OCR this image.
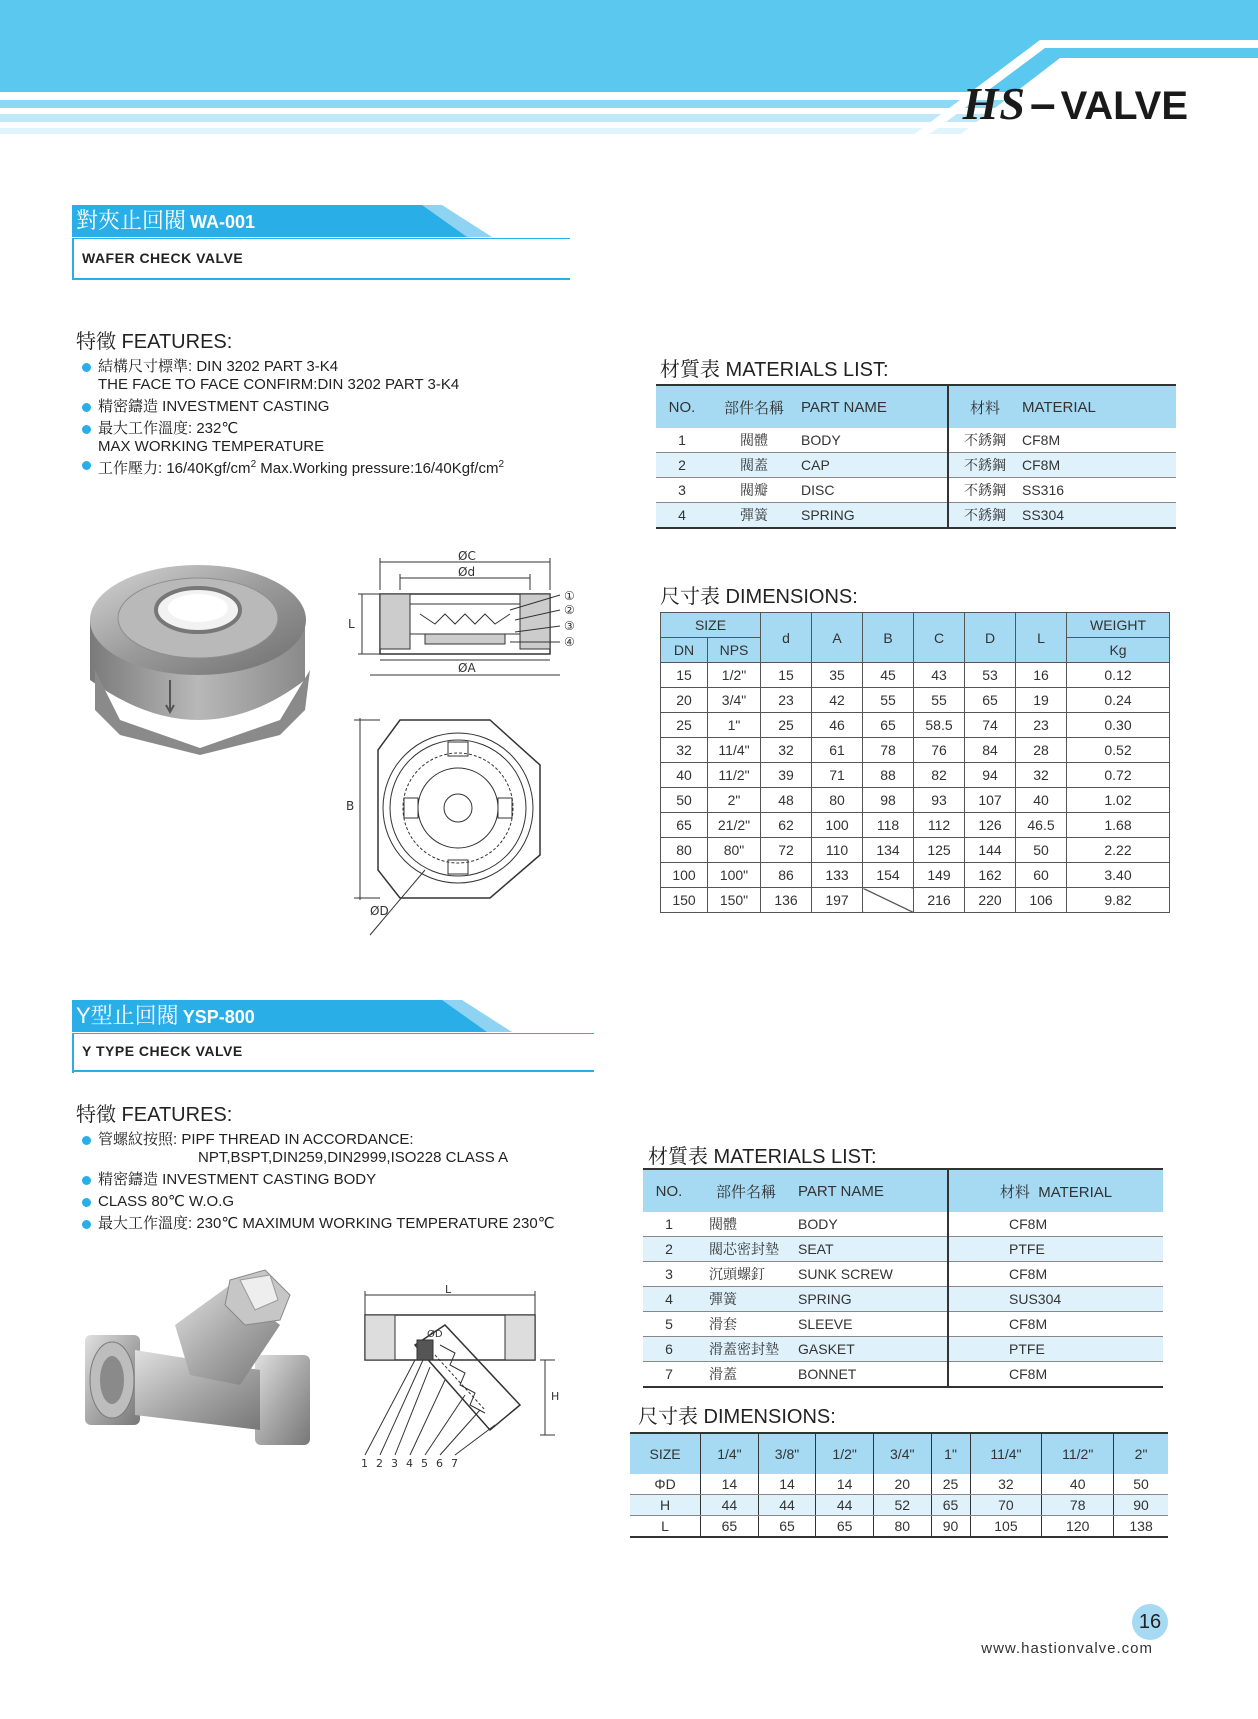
HS– VALVE
對夾止回閥 WA-001
WAFER CHECK VALVE
特徵 FEATURES:
結構尺寸標準: DIN 3202 PART 3-K4
THE FACE TO FACE CONFIRM:DIN 3202 PART 3-K4
精密鑄造 INVESTMENT CASTING
最大工作溫度: 232℃
MAX WORKING TEMPERATURE
工作壓力: $16/40Kgf/cm^2$ Max.Working $pressure:16/40Kgf/cm^2$
材質表 MATERIALS LIST:
NO.	部件名稱	PART NAME	材料	MATERIAL
1	閥體	BODY	不銹鋼	CF8M
2	閥蓋	CAP	不銹鋼	CF8M
3	閥瓣	DISC	不銹鋼	SS316
4	彈簧	SPRING	不銹鋼	SS304
ØC
Ød
ØA
L
①
②
③
④
B
ØD
尺寸表 DIMENSIONS:
SIZE		d	A	B	C	D	L	WEIGHT
DN	NPS							Kg
15	1/2"	15	35	45	43	53	16	0.12
20	3/4"	23	42	55	55	65	19	0.24
25	1"	25	46	65	58.5	74	23	0.30
32	11/4"	32	61	78	76	84	28	0.52
40	11/2"	39	71	88	82	94	32	0.72
50	2"	48	80	98	93	107	40	1.02
65	21/2"	62	100	118	112	126	46.5	1.68
80	80"	72	110	134	125	144	50	2.22
100	100"	86	133	154	149	162	60	3.40
150	150"	136	197		216	220	106	9.82
Y型止回閥 YSP-800
Y TYPE CHECK VALVE
特徵 FEATURES:
管螺紋按照: PIPF THREAD IN ACCORDANCE:
NPT,BSPT,DIN259,DIN2999,ISO228 CLASS A
精密鑄造 INVESTMENT CASTING BODY
CLASS 80℃ W.O.G
最大工作溫度: 230℃ MAXIMUM WORKING TEMPERATURE 230℃
L
H
ØD
1 2 3 4 5 6 7
材質表 MATERIALS LIST:
NO.	部件名稱	PART NAME	材料 MATERIAL
1	閥體	BODY	CF8M
2	閥芯密封墊	SEAT	PTFE
3	沉頭螺釘	SUNK SCREW	CF8M
4	彈簧	SPRING	SUS304
5	滑套	SLEEVE	CF8M
6	滑蓋密封墊	GASKET	PTFE
7	滑蓋	BONNET	CF8M
尺寸表 DIMENSIONS:
SIZE	1/4"	3/8"	1/2"	3/4"	1"	11/4"	11/2"	2"
ΦD	14	14	14	20	25	32	40	50
H	44	44	44	52	65	70	78	90
L	65	65	65	80	90	105	120	138
16
www.hastionvalve.com
